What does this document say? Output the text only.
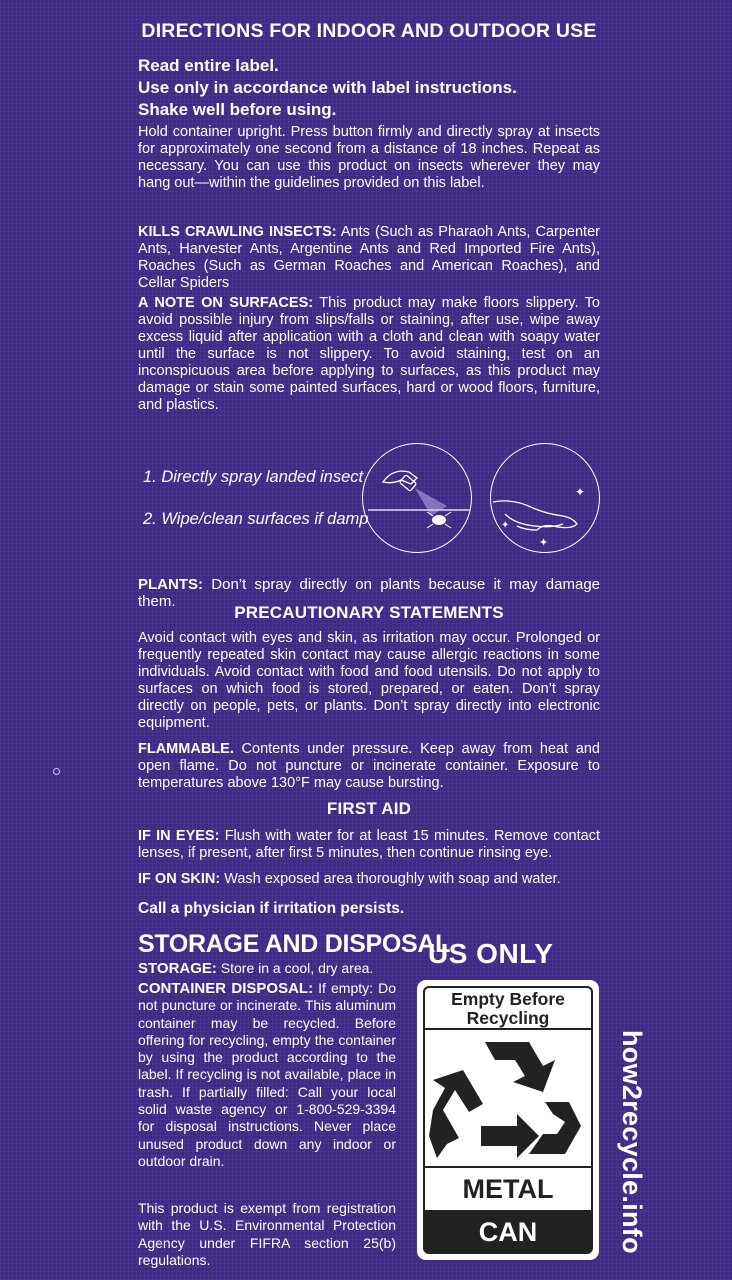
DIRECTIONS FOR INDOOR AND OUTDOOR USE
Read entire label.
Use only in accordance with label instructions.
Shake well before using.
Hold container upright. Press button firmly and directly spray at insects for approximately one second from a distance of 18 inches. Repeat as necessary. You can use this product on insects wherever they may hang out—within the guidelines provided on this label.
KILLS CRAWLING INSECTS: Ants (Such as Pharaoh Ants, Carpenter Ants, Harvester Ants, Argentine Ants and Red Imported Fire Ants), Roaches (Such as German Roaches and American Roaches), and Cellar Spiders
A NOTE ON SURFACES: This product may make floors slippery. To avoid possible injury from slips/falls or staining, after use, wipe away excess liquid after application with a cloth and clean with soapy water until the surface is not slippery. To avoid staining, test on an inconspicuous area before applying to surfaces, as this product may damage or stain some painted surfaces, hard or wood floors, furniture, and plastics.
1. Directly spray landed insect
2. Wipe/clean surfaces if damp
✦
✦
✦
PLANTS: Don’t spray directly on plants because it may damage them.
PRECAUTIONARY STATEMENTS
Avoid contact with eyes and skin, as irritation may occur. Prolonged or frequently repeated skin contact may cause allergic reactions in some individuals. Avoid contact with food and food utensils. Do not apply to surfaces on which food is stored, prepared, or eaten. Don’t spray directly on people, pets, or plants. Don’t spray directly into electronic equipment.
FLAMMABLE. Contents under pressure. Keep away from heat and open flame. Do not puncture or incinerate container. Exposure to temperatures above 130°F may cause bursting.
FIRST AID
IF IN EYES: Flush with water for at least 15 minutes. Remove contact lenses, if present, after first 5 minutes, then continue rinsing eye.
IF ON SKIN: Wash exposed area thoroughly with soap and water.
Call a physician if irritation persists.
STORAGE AND DISPOSAL
STORAGE: Store in a cool, dry area.
CONTAINER DISPOSAL: If empty: Do not puncture or incinerate. This aluminum container may be recycled. Before offering for recycling, empty the container by using the product according to the label. If recycling is not available, place in trash. If partially filled: Call your local solid waste agency or 1-800-529-3394 for disposal instructions. Never place unused product down any indoor or outdoor drain.
This product is exempt from registration with the U.S. Environmental Protection Agency under FIFRA section 25(b) regulations.
US ONLY
Empty Before Recycling
METAL
CAN	how2recycle.info
